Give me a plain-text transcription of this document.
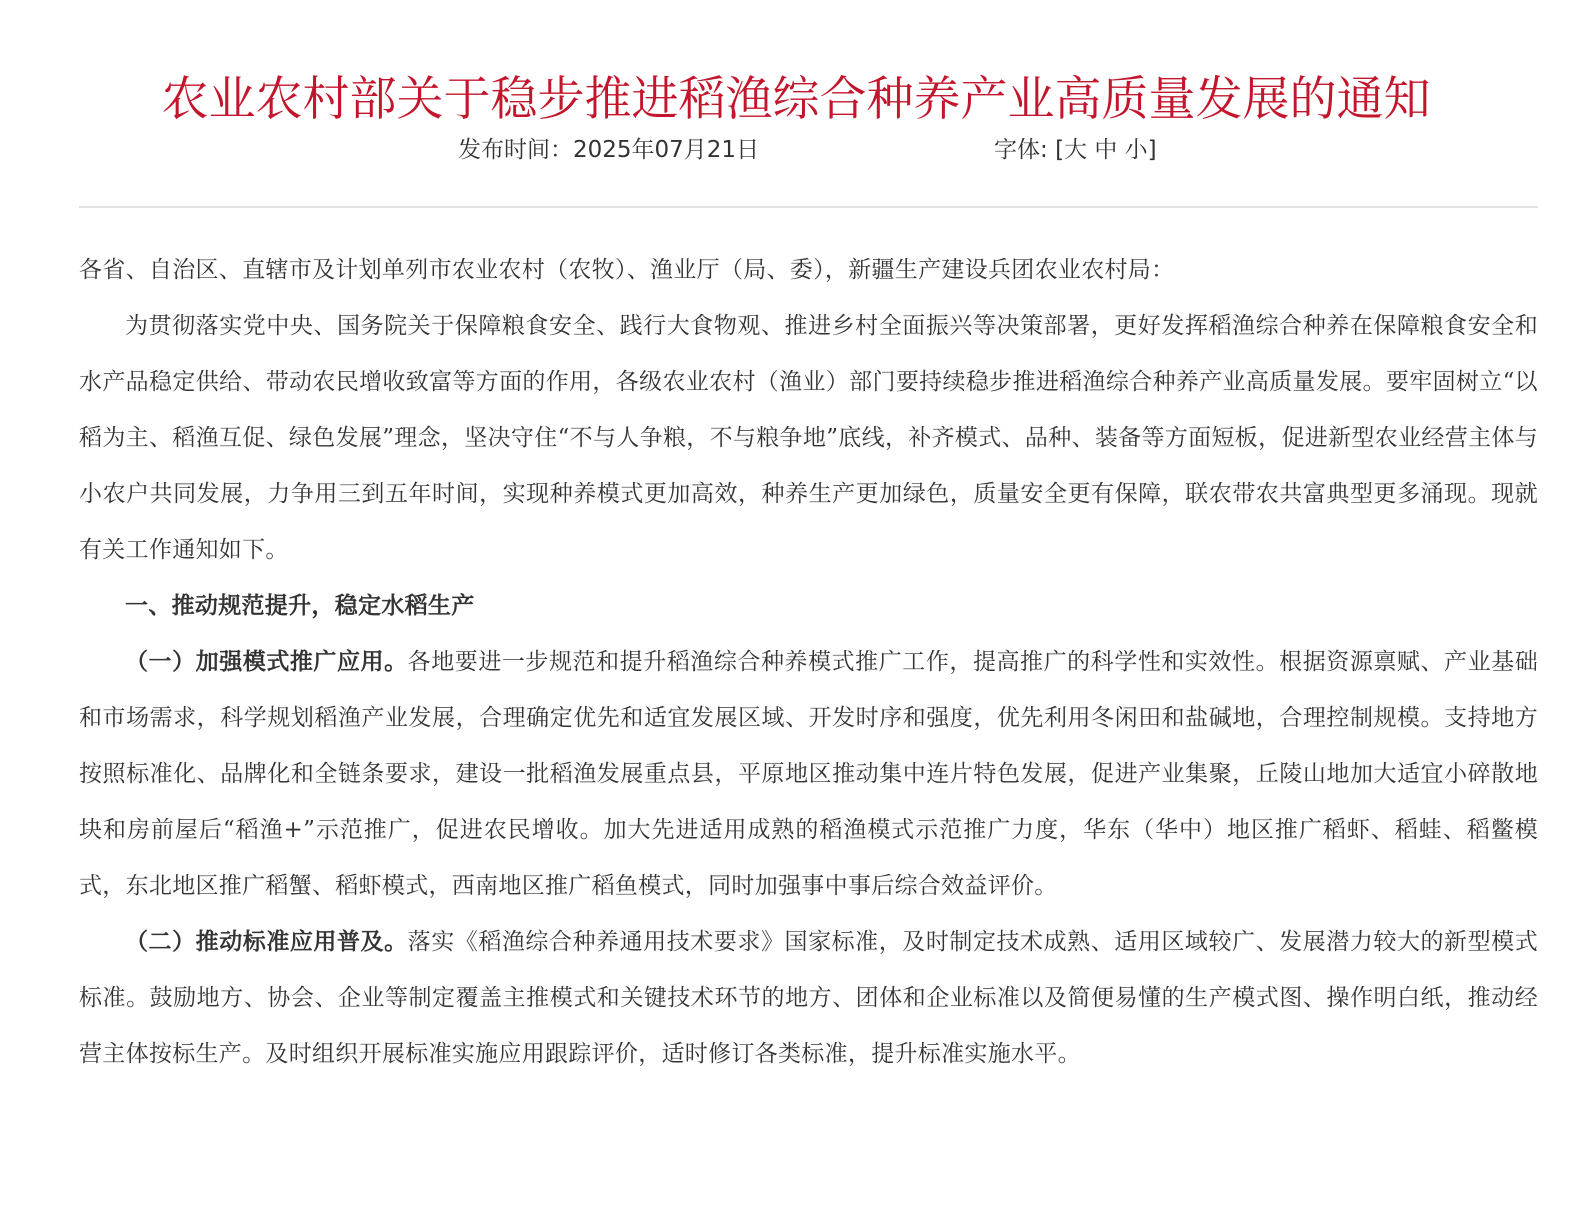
农业农村部关于稳步推进稻渔综合种养产业高质量发展的通知
发布时间：2025年07月21日	字体: [大 中 小]

各省、自治区、直辖市及计划单列市农业农村（农牧）、渔业厅（局、委），新疆生产建设兵团农业农村局：

为贯彻落实党中央、国务院关于保障粮食安全、践行大食物观、推进乡村全面振兴等决策部署，更好发挥稻渔综合种养在保障粮食安全和水产品稳定供给、带动农民增收致富等方面的作用，各级农业农村（渔业）部门要持续稳步推进稻渔综合种养产业高质量发展。要牢固树立“以稻为主、稻渔互促、绿色发展”理念，坚决守住“不与人争粮，不与粮争地”底线，补齐模式、品种、装备等方面短板，促进新型农业经营主体与小农户共同发展，力争用三到五年时间，实现种养模式更加高效，种养生产更加绿色，质量安全更有保障，联农带农共富典型更多涌现。现就有关工作通知如下。

一、推动规范提升，稳定水稻生产

（一）加强模式推广应用。各地要进一步规范和提升稻渔综合种养模式推广工作，提高推广的科学性和实效性。根据资源禀赋、产业基础和市场需求，科学规划稻渔产业发展，合理确定优先和适宜发展区域、开发时序和强度，优先利用冬闲田和盐碱地，合理控制规模。支持地方按照标准化、品牌化和全链条要求，建设一批稻渔发展重点县，平原地区推动集中连片特色发展，促进产业集聚，丘陵山地加大适宜小碎散地块和房前屋后“稻渔+”示范推广，促进农民增收。加大先进适用成熟的稻渔模式示范推广力度，华东（华中）地区推广稻虾、稻蛙、稻鳖模式，东北地区推广稻蟹、稻虾模式，西南地区推广稻鱼模式，同时加强事中事后综合效益评价。

（二）推动标准应用普及。落实《稻渔综合种养通用技术要求》国家标准，及时制定技术成熟、适用区域较广、发展潜力较大的新型模式标准。鼓励地方、协会、企业等制定覆盖主推模式和关键技术环节的地方、团体和企业标准以及简便易懂的生产模式图、操作明白纸，推动经营主体按标生产。及时组织开展标准实施应用跟踪评价，适时修订各类标准，提升标准实施水平。
